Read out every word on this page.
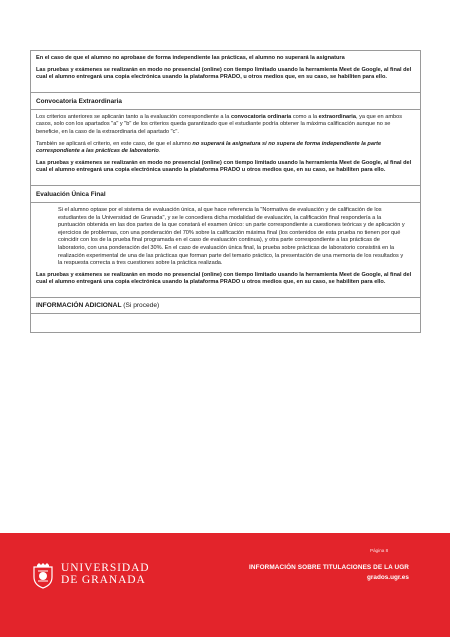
En el caso de que el alumno no aprobase de forma independiente las prácticas, el alumno no superará la asignatura

Las pruebas y exámenes se realizarán en modo no presencial (online) con tiempo limitado usando la herramienta Meet de Google, al final del cual el alumno entregará una copia electrónica usando la plataforma PRADO, u otros medios que, en su caso, se habiliten para ello.

Convocatoria Extraordinaria

Los criterios anteriores se aplicarán tanto a la evaluación correspondiente a la convocatoria ordinaria como a la extraordinaria, ya que en ambos casos, solo con los apartados "a" y "b" de los criterios queda garantizado que el estudiante podría obtener la máxima calificación aunque no se beneficie, en la caso de la extraordinaria del apartado "c".

También se aplicará el criterio, en este caso, de que el alumno no superará la asignatura si no supera de forma independiente la parte correspondiente a las prácticas de laboratorio.

Las pruebas y exámenes se realizarán en modo no presencial (online) con tiempo limitado usando la herramienta Meet de Google, al final del cual el alumno entregará una copia electrónica usando la plataforma PRADO u otros medios que, en su caso, se habiliten para ello.

Evaluación Única Final

Si el alumno optase por el sistema de evaluación única, al que hace referencia la "Normativa de evaluación y de calificación de los estudiantes de la Universidad de Granada", y se le concediera dicha modalidad de evaluación, la calificación final respondería a la puntuación obtenida en las dos partes de la que constará el examen único: un parte correspondiente a cuestiones teóricas y de aplicación y ejercicios de problemas, con una ponderación del 70% sobre la calificación máxima final (los contenidos de esta prueba no tienen por qué coincidir con los de la prueba final programada en el caso de evaluación continua), y otra parte correspondiente a las prácticas de laboratorio, con una ponderación del 30%. En el caso de evaluación única final, la prueba sobre prácticas de laboratorio consistirá en la realización experimental de una de las prácticas que forman parte del temario práctico, la presentación de una memoria de los resultados y la respuesta correcta a tres cuestiones sobre la práctica realizada.

Las pruebas y exámenes se realizarán en modo no presencial (online) con tiempo limitado usando la herramienta Meet de Google, al final del cual el alumno entregará una copia electrónica usando la plataforma PRADO u otros medios que, en su caso, se habiliten para ello.

INFORMACIÓN ADICIONAL (Si procede)
UNIVERSIDAD
DE GRANADA
Página 8
INFORMACIÓN SOBRE TITULACIONES DE LA UGR
grados.ugr.es
